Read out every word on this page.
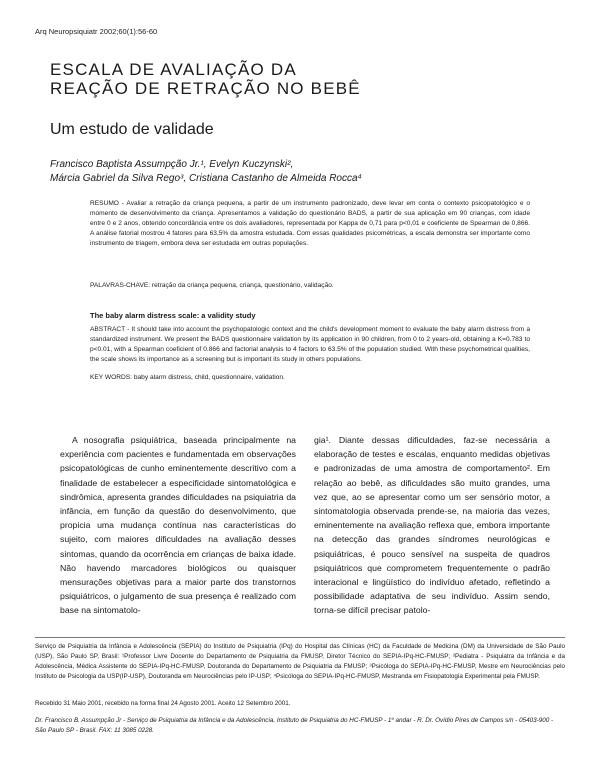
Arq Neuropsiquiatr 2002;60(1):56-60
ESCALA DE AVALIAÇÃO DA
REAÇÃO DE RETRAÇÃO NO BEBÊ
Um estudo de validade
Francisco Baptista Assumpção Jr.¹, Evelyn Kuczynski²,
Márcia Gabriel da Silva Rego³, Cristiana Castanho de Almeida Rocca⁴
RESUMO - Avaliar a retração da criança pequena, a partir de um instrumento padronizado, deve levar em conta o contexto psicopatológico e o momento de desenvolvimento da criança. Apresentamos a validação do questionário BADS, a partir de sua aplicação em 90 crianças, com idade entre 0 e 2 anos, obtendo concordância entre os dois avaliadores, representada por Kappa de 0,71 para p<0,01 e coeficiente de Spearman de 0,866. A análise fatorial mostrou 4 fatores para 63,5% da amostra estudada. Com essas qualidades psicométricas, a escala demonstra ser importante como instrumento de triagem, embora deva ser estudada em outras populações.
PALAVRAS-CHAVE: retração da criança pequena, criança, questionário, validação.
The baby alarm distress scale: a validity study
ABSTRACT - It should take into account the psychopatologic context and the child's development moment to evaluate the baby alarm distress from a standardized instrument. We present the BADS questionnaire validation by its application in 90 children, from 0 to 2 years-old, obtaining a K=0.783 to p<0.01, with a Spearman coeficient of 0.866 and factorial analysis to 4 factors to 63.5% of the population studied. With these psychometrical qualities, the scale shows its importance as a screening but is important its study in others populations.
KEY WORDS: baby alarm distress, child, questionnaire, validation.
A nosografia psiquiátrica, baseada principalmente na experiência com pacientes e fundamentada em observações psicopatológicas de cunho eminentemente descritivo com a finalidade de estabelecer a especificidade sintomatológica e sindrômica, apresenta grandes dificuldades na psiquiatria da infância, em função da questão do desenvolvimento, que propicia uma mudança contínua nas características do sujeito, com maiores dificuldades na avaliação desses sintomas, quando da ocorrência em crianças de baixa idade. Não havendo marcadores biológicos ou quaisquer mensurações objetivas para a maior parte dos transtornos psiquiátricos, o julgamento de sua presença é realizado com base na sintomatolo-
gia¹. Diante dessas dificuldades, faz-se necessária a elaboração de testes e escalas, enquanto medidas objetivas e padronizadas de uma amostra de comportamento². Em relação ao bebê, as dificuldades são muito grandes, uma vez que, ao se apresentar como um ser sensório motor, a sintomatologia observada prende-se, na maioria das vezes, eminentemente na avaliação reflexa que, embora importante na detecção das grandes síndromes neurológicas e psiquiátricas, é pouco sensível na suspeita de quadros psiquiátricos que comprometem frequentemente o padrão interacional e lingüístico do indivíduo afetado, refletindo a possibilidade adaptativa de seu indivíduo. Assim sendo, torna-se difícil precisar patolo-
Serviço de Psiquiatria da Infância e Adolescência (SEPIA) do Instituto de Psiquiatria (IPq) do Hospital das Clínicas (HC) da Faculdade de Medicina (DM) da Universidade de São Paulo (USP), São Paulo SP, Brasil: ¹Professor Livre Docente do Departamento de Psiquiatria da FMUSP, Diretor Técnico do SEPIA-IPq-HC-FMUSP; ²Pediatra - Psiquiatra da Infância e da Adolescência, Médica Assistente do SEPIA-IPq-HC-FMUSP, Doutoranda do Departamento de Psiquiatria da FMUSP; ³Psicóloga do SEPIA-IPq-HC-FMUSP, Mestre em Neurociências pelo Instituto de Psicologia da USP(IP-USP), Doutoranda em Neurociências pelo IP-USP; ⁴Psicóloga do SEPIA-IPq-HC-FMUSP, Mestranda em Fisiopatologia Experimental pela FMUSP.
Recebido 31 Maio 2001, recebido na forma final 24 Agosto 2001. Aceito 12 Setembro 2001.
Dr. Francisco B. Assumpção Jr - Serviço de Psiquiatria da Infância e da Adolescência, Instituto de Psiquiatria do HC-FMUSP - 1º andar - R. Dr. Ovídio Pires de Campos s/n - 05403-900 - São Paulo SP - Brasil. FAX: 11 3085 0228.
